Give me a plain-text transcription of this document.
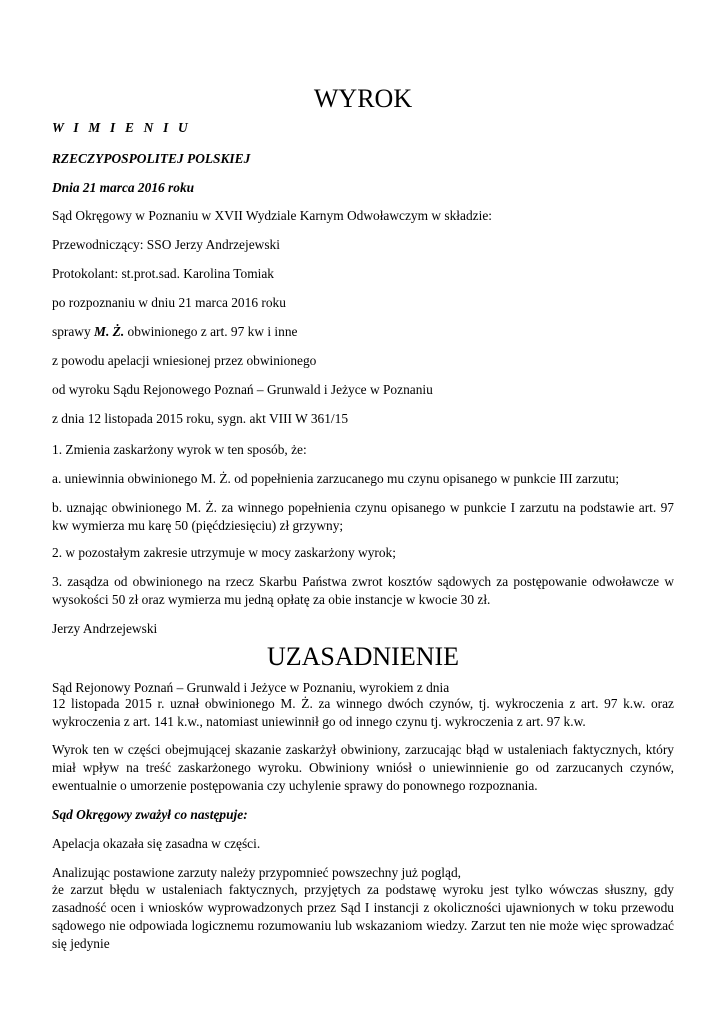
WYROK

W I M I E N I U

RZECZYPOSPOLITEJ POLSKIEJ

Dnia 21 marca 2016 roku

Sąd Okręgowy w Poznaniu w XVII Wydziale Karnym Odwoławczym w składzie:

Przewodniczący: SSO Jerzy Andrzejewski

Protokolant: st.prot.sad. Karolina Tomiak

po rozpoznaniu w dniu 21 marca 2016 roku

sprawy M. Ż. obwinionego z art. 97 kw i inne

z powodu apelacji wniesionej przez obwinionego

od wyroku Sądu Rejonowego Poznań – Grunwald i Jeżyce w Poznaniu

z dnia 12 listopada 2015 roku, sygn. akt VIII W 361/15

1. Zmienia zaskarżony wyrok w ten sposób, że:

a. uniewinnia obwinionego M. Ż. od popełnienia zarzucanego mu czynu opisanego w punkcie III zarzutu;

b. uznając obwinionego M. Ż. za winnego popełnienia czynu opisanego w punkcie I zarzutu na podstawie art. 97 kw wymierza mu karę 50 (pięćdziesięciu) zł grzywny;

2. w pozostałym zakresie utrzymuje w mocy zaskarżony wyrok;

3. zasądza od obwinionego na rzecz Skarbu Państwa zwrot kosztów sądowych za postępowanie odwoławcze w wysokości 50 zł oraz wymierza mu jedną opłatę za obie instancje w kwocie 30 zł.

Jerzy Andrzejewski

UZASADNIENIE

Sąd Rejonowy Poznań – Grunwald i Jeżyce w Poznaniu, wyrokiem z dnia

12 listopada 2015 r. uznał obwinionego M. Ż. za winnego dwóch czynów, tj. wykroczenia z art. 97 k.w. oraz wykroczenia z art. 141 k.w., natomiast uniewinnił go od innego czynu tj. wykroczenia z art. 97 k.w.

Wyrok ten w części obejmującej skazanie zaskarżył obwiniony, zarzucając błąd w ustaleniach faktycznych, który miał wpływ na treść zaskarżonego wyroku. Obwiniony wniósł o uniewinnienie go od zarzucanych czynów, ewentualnie o umorzenie postępowania czy uchylenie sprawy do ponownego rozpoznania.

Sąd Okręgowy zważył co następuje:

Apelacja okazała się zasadna w części.

Analizując postawione zarzuty należy przypomnieć powszechny już pogląd,

że zarzut błędu w ustaleniach faktycznych, przyjętych za podstawę wyroku jest tylko wówczas słuszny, gdy zasadność ocen i wniosków wyprowadzonych przez Sąd I instancji z okoliczności ujawnionych w toku przewodu sądowego nie odpowiada logicznemu rozumowaniu lub wskazaniom wiedzy. Zarzut ten nie może więc sprowadzać się jedynie
